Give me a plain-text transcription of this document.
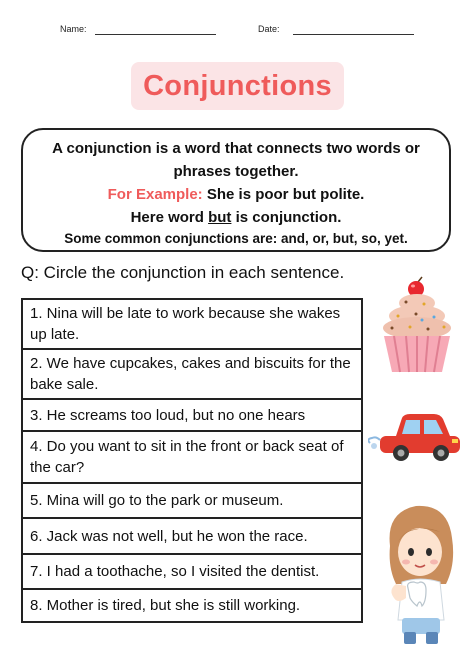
Name:	Date:
Conjunctions
A conjunction is a word that connects two words or
phrases together.
For Example: She is poor but polite.
Here word but is conjunction.
Some common conjunctions are: and, or, but, so, yet.
Q: Circle the conjunction in each sentence.
1. Nina will be late to work because she wakes up late.
2. We have cupcakes, cakes and biscuits for the bake sale.
3. He screams too loud, but no one hears
4. Do you want to sit in the front or back seat of the car?
5. Mina will go to the park or museum.
6. Jack was not well, but he won the race.
7. I had a toothache, so I visited the dentist.
8. Mother is tired, but she is still working.
